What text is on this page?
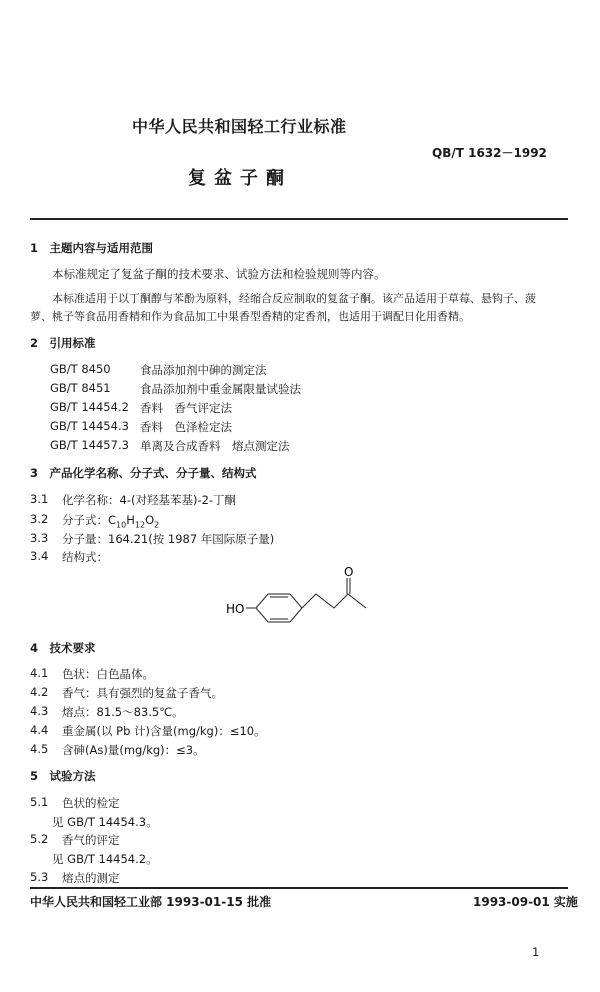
中华人民共和国轻工行业标准
QB/T 1632－1992
复盆子酮
1　主题内容与适用范围
本标准规定了复盆子酮的技术要求、试验方法和检验规则等内容。
本标准适用于以丁酮醇与苯酚为原料，经缩合反应制取的复盆子酮。该产品适用于草莓、悬钩子、菠
萝、桃子等食品用香精和作为食品加工中果香型香精的定香剂，也适用于调配日化用香精。
2　引用标准
GB/T 8450	食品添加剂中砷的测定法
GB/T 8451	食品添加剂中重金属限量试验法
GB/T 14454.2 香料　香气评定法
GB/T 14454.3 香料　色泽检定法
GB/T 14457.3 单离及合成香料　熔点测定法
3　产品化学名称、分子式、分子量、结构式
3.1 化学名称：4-(对羟基苯基)-2-丁酮
3.2 分子式：$C_{10}H_{12}O_2$
3.3 分子量：164.21(按 1987 年国际原子量)
3.4 结构式：
HO
O
4　技术要求
4.1 色状：白色晶体。
4.2 香气：具有强烈的复盆子香气。
4.3 熔点：81.5～83.5℃。
4.4 重金属(以 Pb 计)含量(mg/kg)：≤10。
4.5 含砷(As)量(mg/kg)：≤3。
5　试验方法
5.1 色状的检定
见 GB/T 14454.3。
5.2 香气的评定
见 GB/T 14454.2。
5.3 熔点的测定
中华人民共和国轻工业部 1993-01-15 批准	1993-09-01 实施
1
